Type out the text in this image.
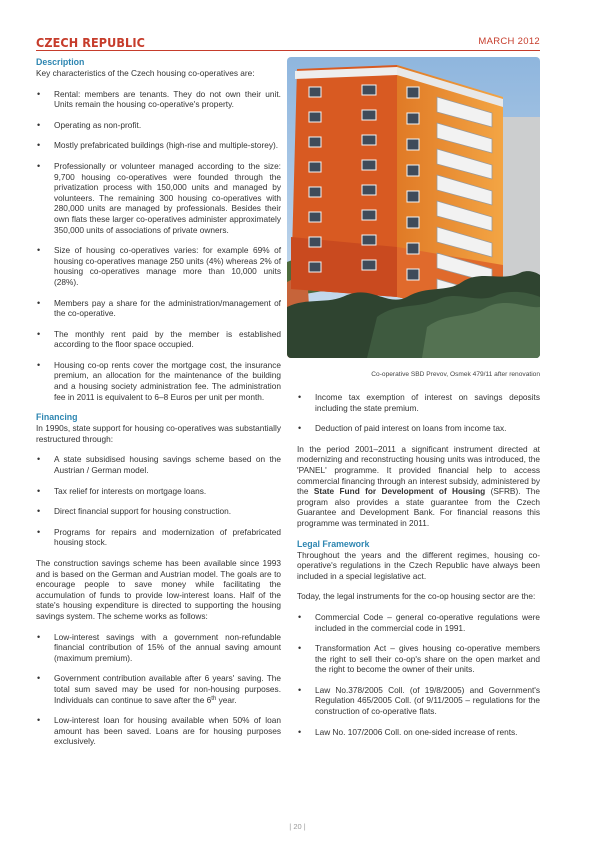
CZECH REPUBLIC	MARCH 2012
Description

Key characteristics of the Czech housing co-operatives are:

• Rental: members are tenants. They do not own their unit. Units remain the housing co-operative's property.
• Operating as non-profit.
• Mostly prefabricated buildings (high-rise and multiple-storey).
• Professionally or volunteer managed according to the size: 9,700 housing co-operatives were founded through the privatization process with 150,000 units and managed by volunteers. The remaining 300 housing co-operatives with 280,000 units are managed by professionals. Besides their own flats these larger co-operatives administer approximately 350,000 units of associations of private owners.
• Size of housing co-operatives varies: for example 69% of housing co-operatives manage 250 units (4%) whereas 2% of housing co-operatives manage more than 10,000 units (28%).
• Members pay a share for the administration/management of the co-operative.
• The monthly rent paid by the member is established according to the floor space occupied.
• Housing co-op rents cover the mortgage cost, the insurance premium, an allocation for the maintenance of the building and a housing society administration fee. The administration fee in 2011 is equivalent to 6–8 Euros per unit per month.
Financing

In 1990s, state support for housing co-operatives was substantially restructured through:

• A state subsidised housing savings scheme based on the Austrian / German model.
• Tax relief for interests on mortgage loans.
• Direct financial support for housing construction.
• Programs for repairs and modernization of prefabricated housing stock.

The construction savings scheme has been available since 1993 and is based on the German and Austrian model. The goals are to encourage people to save money while facilitating the accumulation of funds to provide low-interest loans. Half of the state's housing expenditure is directed to supporting the housing savings system. The scheme works as follows:

• Low-interest savings with a government non-refundable financial contribution of 15% of the annual saving amount (maximum premium).
• Government contribution available after 6 years' saving. The total sum saved may be used for non-housing purposes. Individuals can continue to save after the 6th year.
• Low-interest loan for housing available when 50% of loan amount has been saved. Loans are for housing purposes exclusively.
Co-operative SBD Prevov, Osmek 479/11 after renovation
• Income tax exemption of interest on savings deposits including the state premium.
• Deduction of paid interest on loans from income tax.

In the period 2001–2011 a significant instrument directed at modernizing and reconstructing housing units was introduced, the 'PANEL' programme. It provided financial help to access commercial financing through an interest subsidy, administered by the State Fund for Development of Housing (SFRB). The program also provides a state guarantee from the Czech Guarantee and Development Bank. For financial reasons this programme was terminated in 2011.

Legal Framework

Throughout the years and the different regimes, housing co-operative's regulations in the Czech Republic have always been included in a special legislative act.

Today, the legal instruments for the co-op housing sector are the:

• Commercial Code – general co-operative regulations were included in the commercial code in 1991.
• Transformation Act – gives housing co-operative members the right to sell their co-op's share on the open market and the right to become the owner of their units.
• Law No.378/2005 Coll. (of 19/8/2005) and Government's Regulation 465/2005 Coll. (of 9/11/2005 – regulations for the construction of co-operative flats.
• Law No. 107/2006 Coll. on one-sided increase of rents.
| 20 |
